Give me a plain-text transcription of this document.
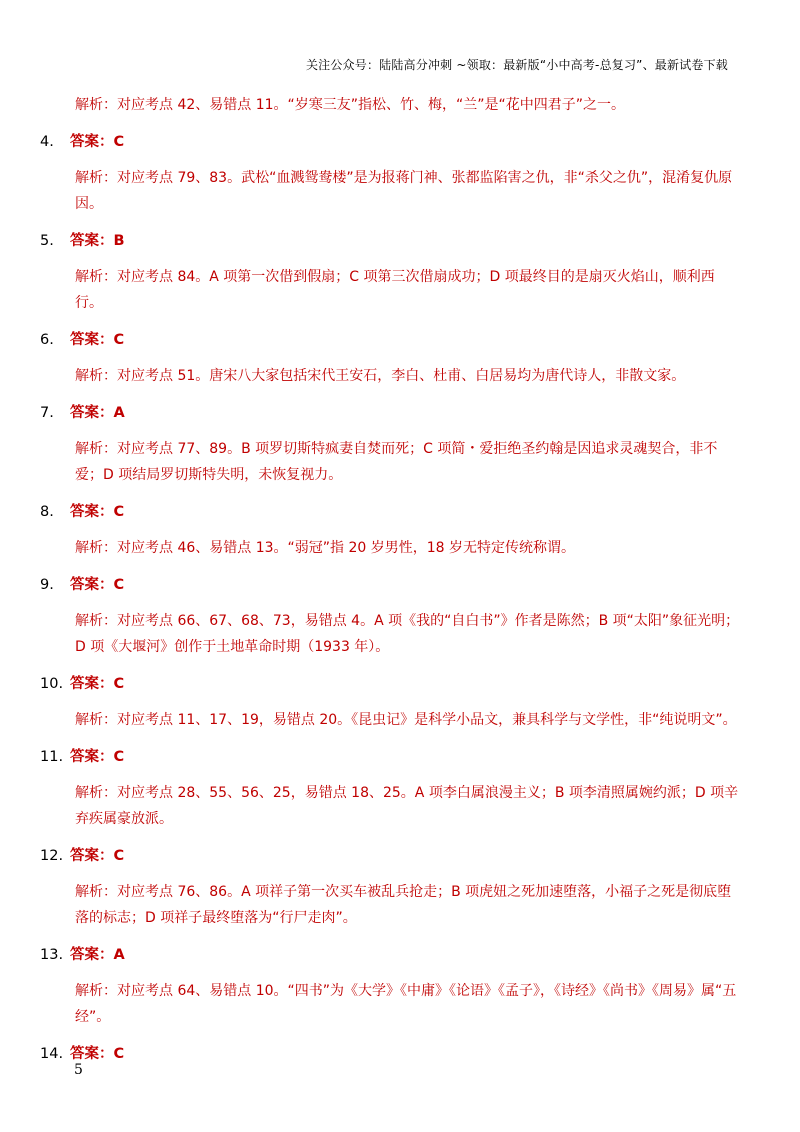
关注公众号：陆陆高分冲刺 ~领取：最新版“小中高考-总复习”、最新试卷下载

解析：对应考点 42、易错点 11。“岁寒三友”指松、竹、梅，“兰”是“花中四君子”之一。

4.	答案： C

解析：对应考点 79、83。武松“血溅鸳鸯楼”是为报蒋门神、张都监陷害之仇，非“杀父之仇”，混淆复仇原因。

5.	答案： B

解析：对应考点 84。A 项第一次借到假扇；C 项第三次借扇成功；D 项最终目的是扇灭火焰山，顺利西行。

6.	答案： C

解析：对应考点 51。唐宋八大家包括宋代王安石，李白、杜甫、白居易均为唐代诗人，非散文家。

7.	答案： A

解析：对应考点 77、89。B 项罗切斯特疯妻自焚而死；C 项简・爱拒绝圣约翰是因追求灵魂契合，非不爱；D 项结局罗切斯特失明，未恢复视力。

8.	答案： C

解析：对应考点 46、易错点 13。“弱冠”指 20 岁男性，18 岁无特定传统称谓。

9.	答案： C

解析：对应考点 66、67、68、73，易错点 4。A 项《我的“自白书”》作者是陈然；B 项“太阳”象征光明；D 项《大堰河》创作于土地革命时期（1933 年）。

10. 答案： C

解析：对应考点 11、17、19，易错点 20。《昆虫记》是科学小品文，兼具科学与文学性，非“纯说明文”。

11. 答案： C

解析：对应考点 28、55、56、25，易错点 18、25。A 项李白属浪漫主义；B 项李清照属婉约派；D 项辛弃疾属豪放派。

12. 答案： C

解析：对应考点 76、86。A 项祥子第一次买车被乱兵抢走；B 项虎妞之死加速堕落，小福子之死是彻底堕落的标志；D 项祥子最终堕落为“行尸走肉”。

13. 答案： A

解析：对应考点 64、易错点 10。“四书”为《大学》《中庸》《论语》《孟子》，《诗经》《尚书》《周易》属“五经”。

14. 答案： C
5
